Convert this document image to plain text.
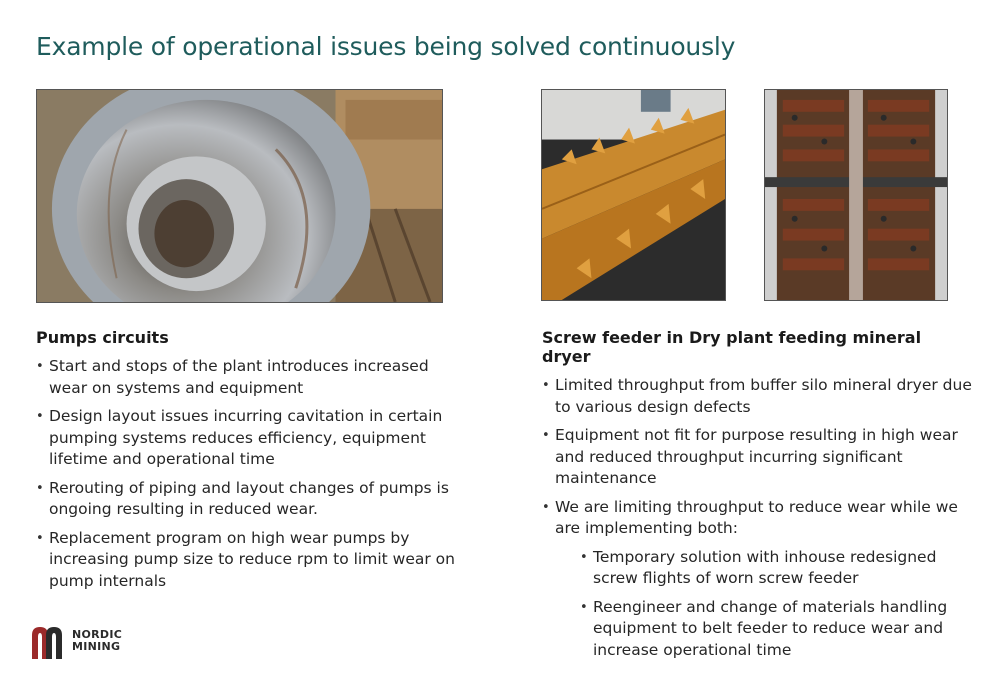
Example of operational issues being solved continuously
Pumps circuits
• Start and stops of the plant introduces increased wear on systems and equipment
• Design layout issues incurring cavitation in certain pumping systems reduces efficiency, equipment lifetime and operational time
• Rerouting of piping and layout changes of pumps is ongoing resulting in reduced wear.
• Replacement program on high wear pumps by increasing pump size to reduce rpm to limit wear on pump internals
Screw feeder in Dry plant feeding mineral dryer
• Limited throughput from buffer silo mineral dryer due to various design defects
• Equipment not fit for purpose resulting in high wear and reduced throughput incurring significant maintenance
• We are limiting throughput to reduce wear while we are implementing both:
• Temporary solution with inhouse redesigned screw flights of worn screw feeder
• Reengineer and change of materials handling equipment to belt feeder to reduce wear and increase operational time
NORDIC
MINING
